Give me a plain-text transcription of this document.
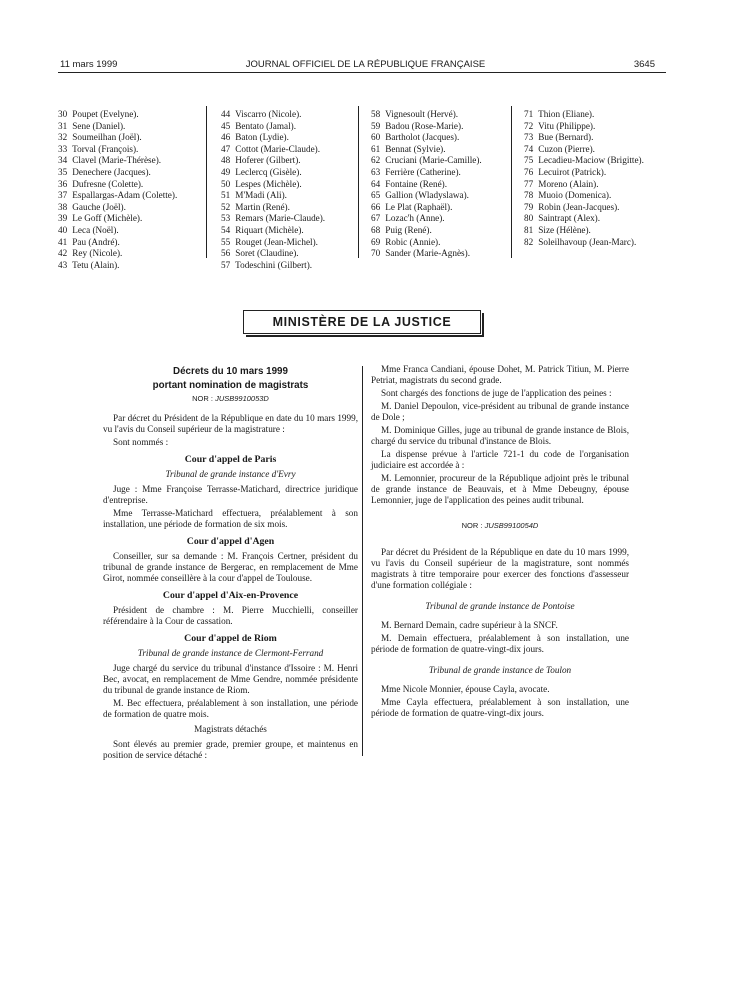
11 mars 1999	JOURNAL OFFICIEL DE LA RÉPUBLIQUE FRANÇAISE	3645
30 Poupet (Evelyne).
31 Sene (Daniel).
32 Soumeilhan (Joël).
33 Torval (François).
34 Clavel (Marie-Thérèse).
35 Denechere (Jacques).
36 Dufresne (Colette).
37 Espallargas-Adam (Colette).
38 Gauche (Joël).
39 Le Goff (Michèle).
40 Leca (Noël).
41 Pau (André).
42 Rey (Nicole).
43 Tetu (Alain).
44 Viscarro (Nicole).
45 Bentato (Jamal).
46 Baton (Lydie).
47 Cottot (Marie-Claude).
48 Hoferer (Gilbert).
49 Leclercq (Gisèle).
50 Lespes (Michèle).
51 M'Madi (Ali).
52 Martin (René).
53 Remars (Marie-Claude).
54 Riquart (Michèle).
55 Rouget (Jean-Michel).
56 Soret (Claudine).
57 Todeschini (Gilbert).
58 Vignesoult (Hervé).
59 Badou (Rose-Marie).
60 Bartholot (Jacques).
61 Bennat (Sylvie).
62 Cruciani (Marie-Camille).
63 Ferrière (Catherine).
64 Fontaine (René).
65 Gallion (Wladyslawa).
66 Le Plat (Raphaël).
67 Lozac'h (Anne).
68 Puig (René).
69 Robic (Annie).
70 Sander (Marie-Agnès).
71 Thion (Eliane).
72 Vitu (Philippe).
73 Bue (Bernard).
74 Cuzon (Pierre).
75 Lecadieu-Maciow (Brigitte).
76 Lecuirot (Patrick).
77 Moreno (Alain).
78 Muoio (Domenica).
79 Robin (Jean-Jacques).
80 Saintrapt (Alex).
81 Size (Hélène).
82 Soleilhavoup (Jean-Marc).
MINISTÈRE DE LA JUSTICE

Décrets du 10 mars 1999

portant nomination de magistrats

NOR : JUSB9910053D

Par décret du Président de la République en date du 10 mars 1999, vu l'avis du Conseil supérieur de la magistrature :

Sont nommés :

Cour d'appel de Paris

Tribunal de grande instance d'Evry

Juge : Mme Françoise Terrasse-Matichard, directrice juridique d'entreprise.

Mme Terrasse-Matichard effectuera, préalablement à son installation, une période de formation de six mois.

Cour d'appel d'Agen

Conseiller, sur sa demande : M. François Certner, président du tribunal de grande instance de Bergerac, en remplacement de Mme Girot, nommée conseillère à la cour d'appel de Toulouse.

Cour d'appel d'Aix-en-Provence

Président de chambre : M. Pierre Mucchielli, conseiller référendaire à la Cour de cassation.

Cour d'appel de Riom

Tribunal de grande instance de Clermont-Ferrand

Juge chargé du service du tribunal d'instance d'Issoire : M. Henri Bec, avocat, en remplacement de Mme Gendre, nommée présidente du tribunal de grande instance de Riom.

M. Bec effectuera, préalablement à son installation, une période de formation de quatre mois.

Magistrats détachés

Sont élevés au premier grade, premier groupe, et maintenus en position de service détaché :

Mme Franca Candiani, épouse Dohet, M. Patrick Titiun, M. Pierre Petriat, magistrats du second grade.

Sont chargés des fonctions de juge de l'application des peines :

M. Daniel Depoulon, vice-président au tribunal de grande instance de Dole ;

M. Dominique Gilles, juge au tribunal de grande instance de Blois, chargé du service du tribunal d'instance de Blois.

La dispense prévue à l'article 721-1 du code de l'organisation judiciaire est accordée à :

M. Lemonnier, procureur de la République adjoint près le tribunal de grande instance de Beauvais, et à Mme Debeugny, épouse Lemonnier, juge de l'application des peines audit tribunal.

NOR : JUSB9910054D

Par décret du Président de la République en date du 10 mars 1999, vu l'avis du Conseil supérieur de la magistrature, sont nommés magistrats à titre temporaire pour exercer des fonctions d'assesseur d'une formation collégiale :

Tribunal de grande instance de Pontoise

M. Bernard Demain, cadre supérieur à la SNCF.

M. Demain effectuera, préalablement à son installation, une période de formation de quatre-vingt-dix jours.

Tribunal de grande instance de Toulon

Mme Nicole Monnier, épouse Cayla, avocate.

Mme Cayla effectuera, préalablement à son installation, une période de formation de quatre-vingt-dix jours.
